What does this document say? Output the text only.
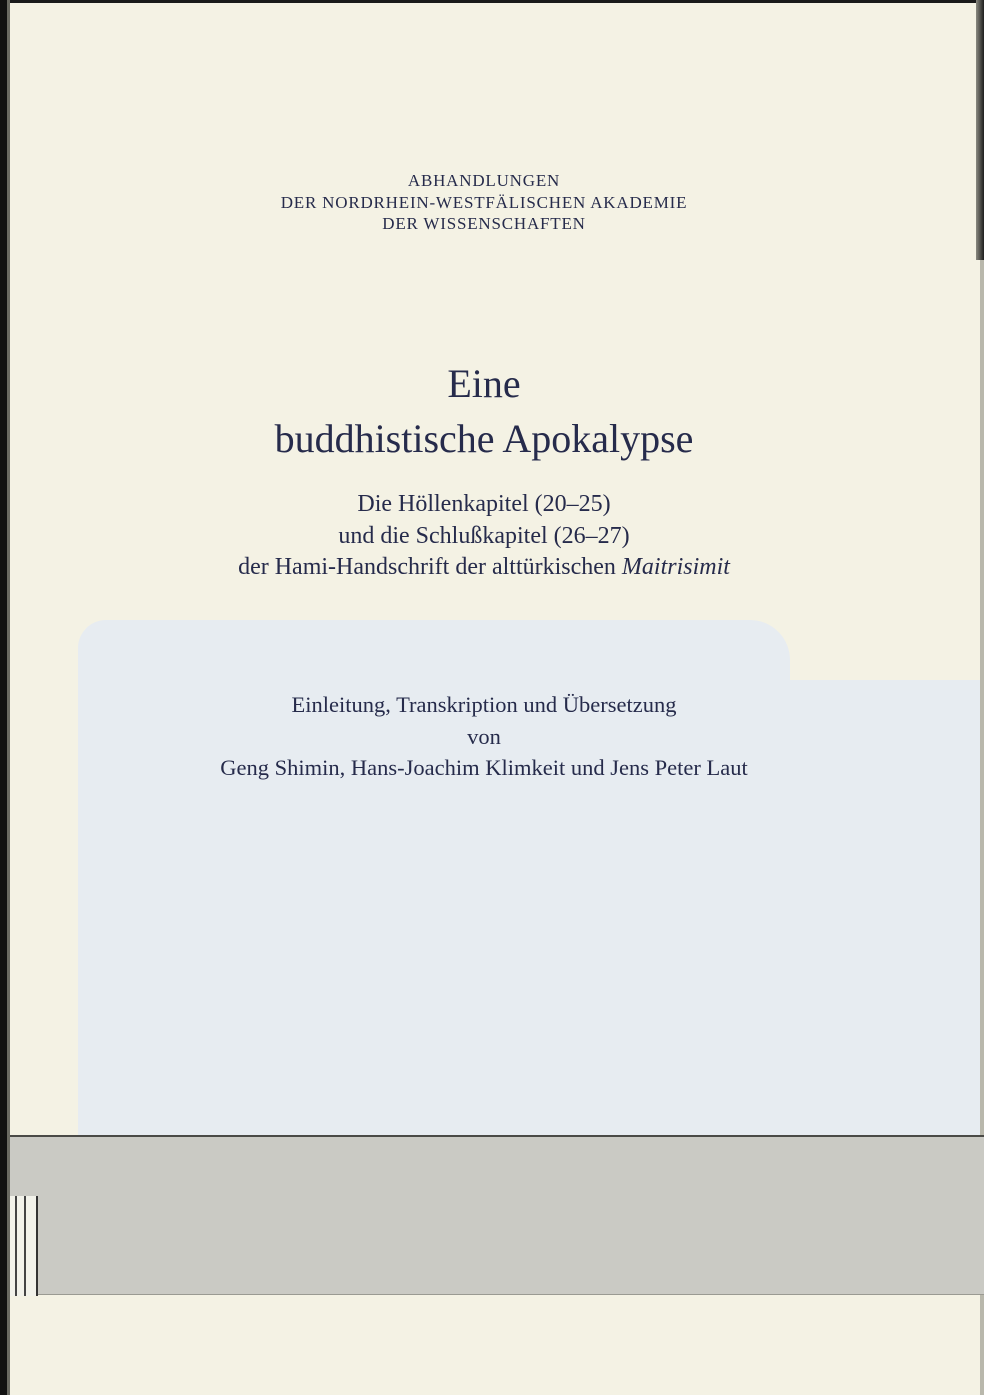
ABHANDLUNGEN
DER NORDRHEIN-WESTFÄLISCHEN AKADEMIE
DER WISSENSCHAFTEN
Eine
buddhistische Apokalypse
Die Höllenkapitel (20–25)
und die Schlußkapitel (26–27)
der Hami-Handschrift der alttürkischen Maitrisimit
Einleitung, Transkription und Übersetzung
von
Geng Shimin, Hans-Joachim Klimkeit und Jens Peter Laut
